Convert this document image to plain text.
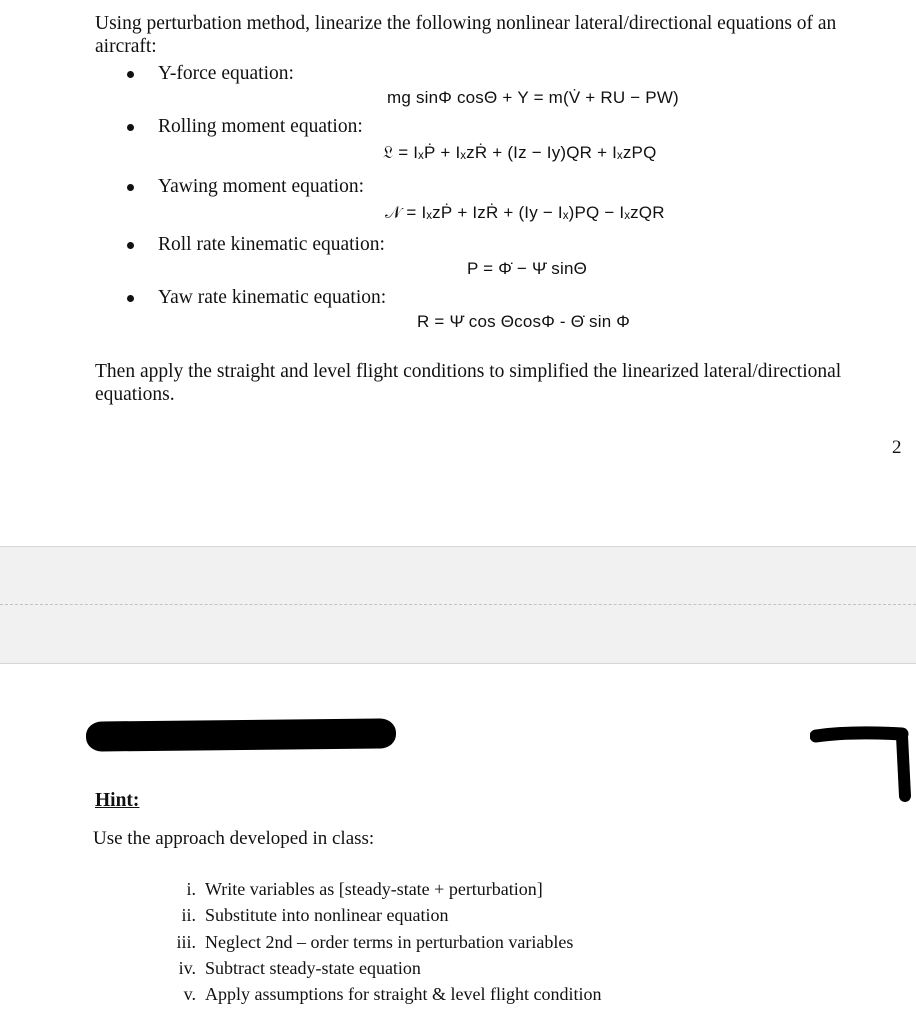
Using perturbation method, linearize the following nonlinear lateral/directional equations of an aircraft:
Y-force equation:
mg sinΦ cosΘ + Y = m(V̇ + RU − PW)
Rolling moment equation:
𝔏 = IₓṖ + IₓzṘ + (Iz − Iy)QR + IₓzPQ
Yawing moment equation:
𝒩 = IₓzṖ + IzṘ + (Iy − Iₓ)PQ − IₓzQR
Roll rate kinematic equation:
P = Φ̇ − Ψ̇ sinΘ
Yaw rate kinematic equation:
R = Ψ̇ cos ΘcosΦ - Θ̇ sin Φ
Then apply the straight and level flight conditions to simplified the linearized lateral/directional equations.
2
Hint:
Use the approach developed in class:
i. Write variables as [steady-state + perturbation]
ii. Substitute into nonlinear equation
iii. Neglect 2nd – order terms in perturbation variables
iv. Subtract steady-state equation
v. Apply assumptions for straight & level flight condition
